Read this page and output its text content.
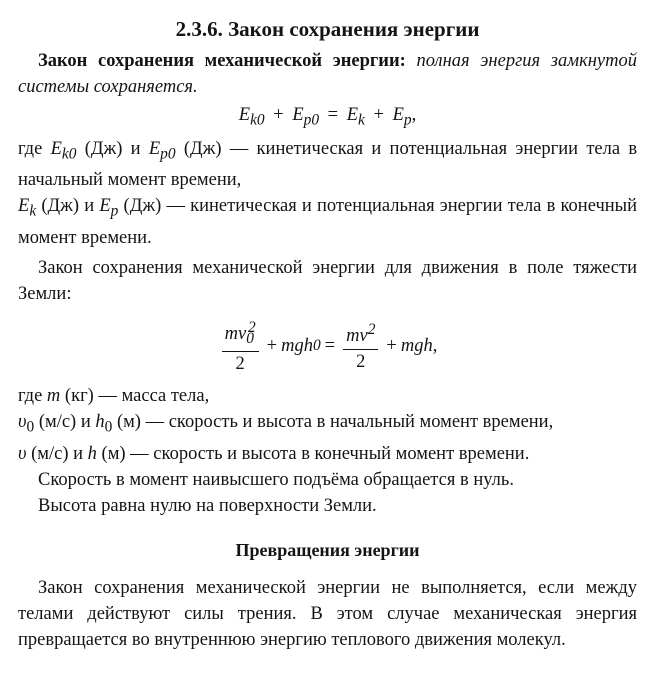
2.3.6. Закон сохранения энергии

Закон сохранения механической энергии: полная энергия замкнутой системы сохраняется.

$E_{k0} + E_{p0} = E_k + E_p$,

где $E_{k0}$ (Дж) и $E_{p0}$ (Дж) — кинетическая и потенциальная энергии тела в начальный момент времени,

$E_k$ (Дж) и $E_p$ (Дж) — кинетическая и потенциальная энергии тела в конечный момент времени.

Закон сохранения механической энергии для движения в поле тяжести Земли:

$\frac{mv_0^2}{2}$ + mgh $0 = \frac{mv^2}{2}$ + mgh ,

где m (кг) — масса тела,

$\upsilon_0$ (м/с) и $h_0$ (м) — скорость и высота в начальный момент времени,

υ (м/с) и h (м) — скорость и высота в конечный момент времени.

Скорость в момент наивысшего подъёма обращается в нуль.

Высота равна нулю на поверхности Земли.

Превращения энергии

Закон сохранения механической энергии не выполняется, если между телами действуют силы трения. В этом случае механическая энергия превращается во внутреннюю энергию теплового движения молекул.
